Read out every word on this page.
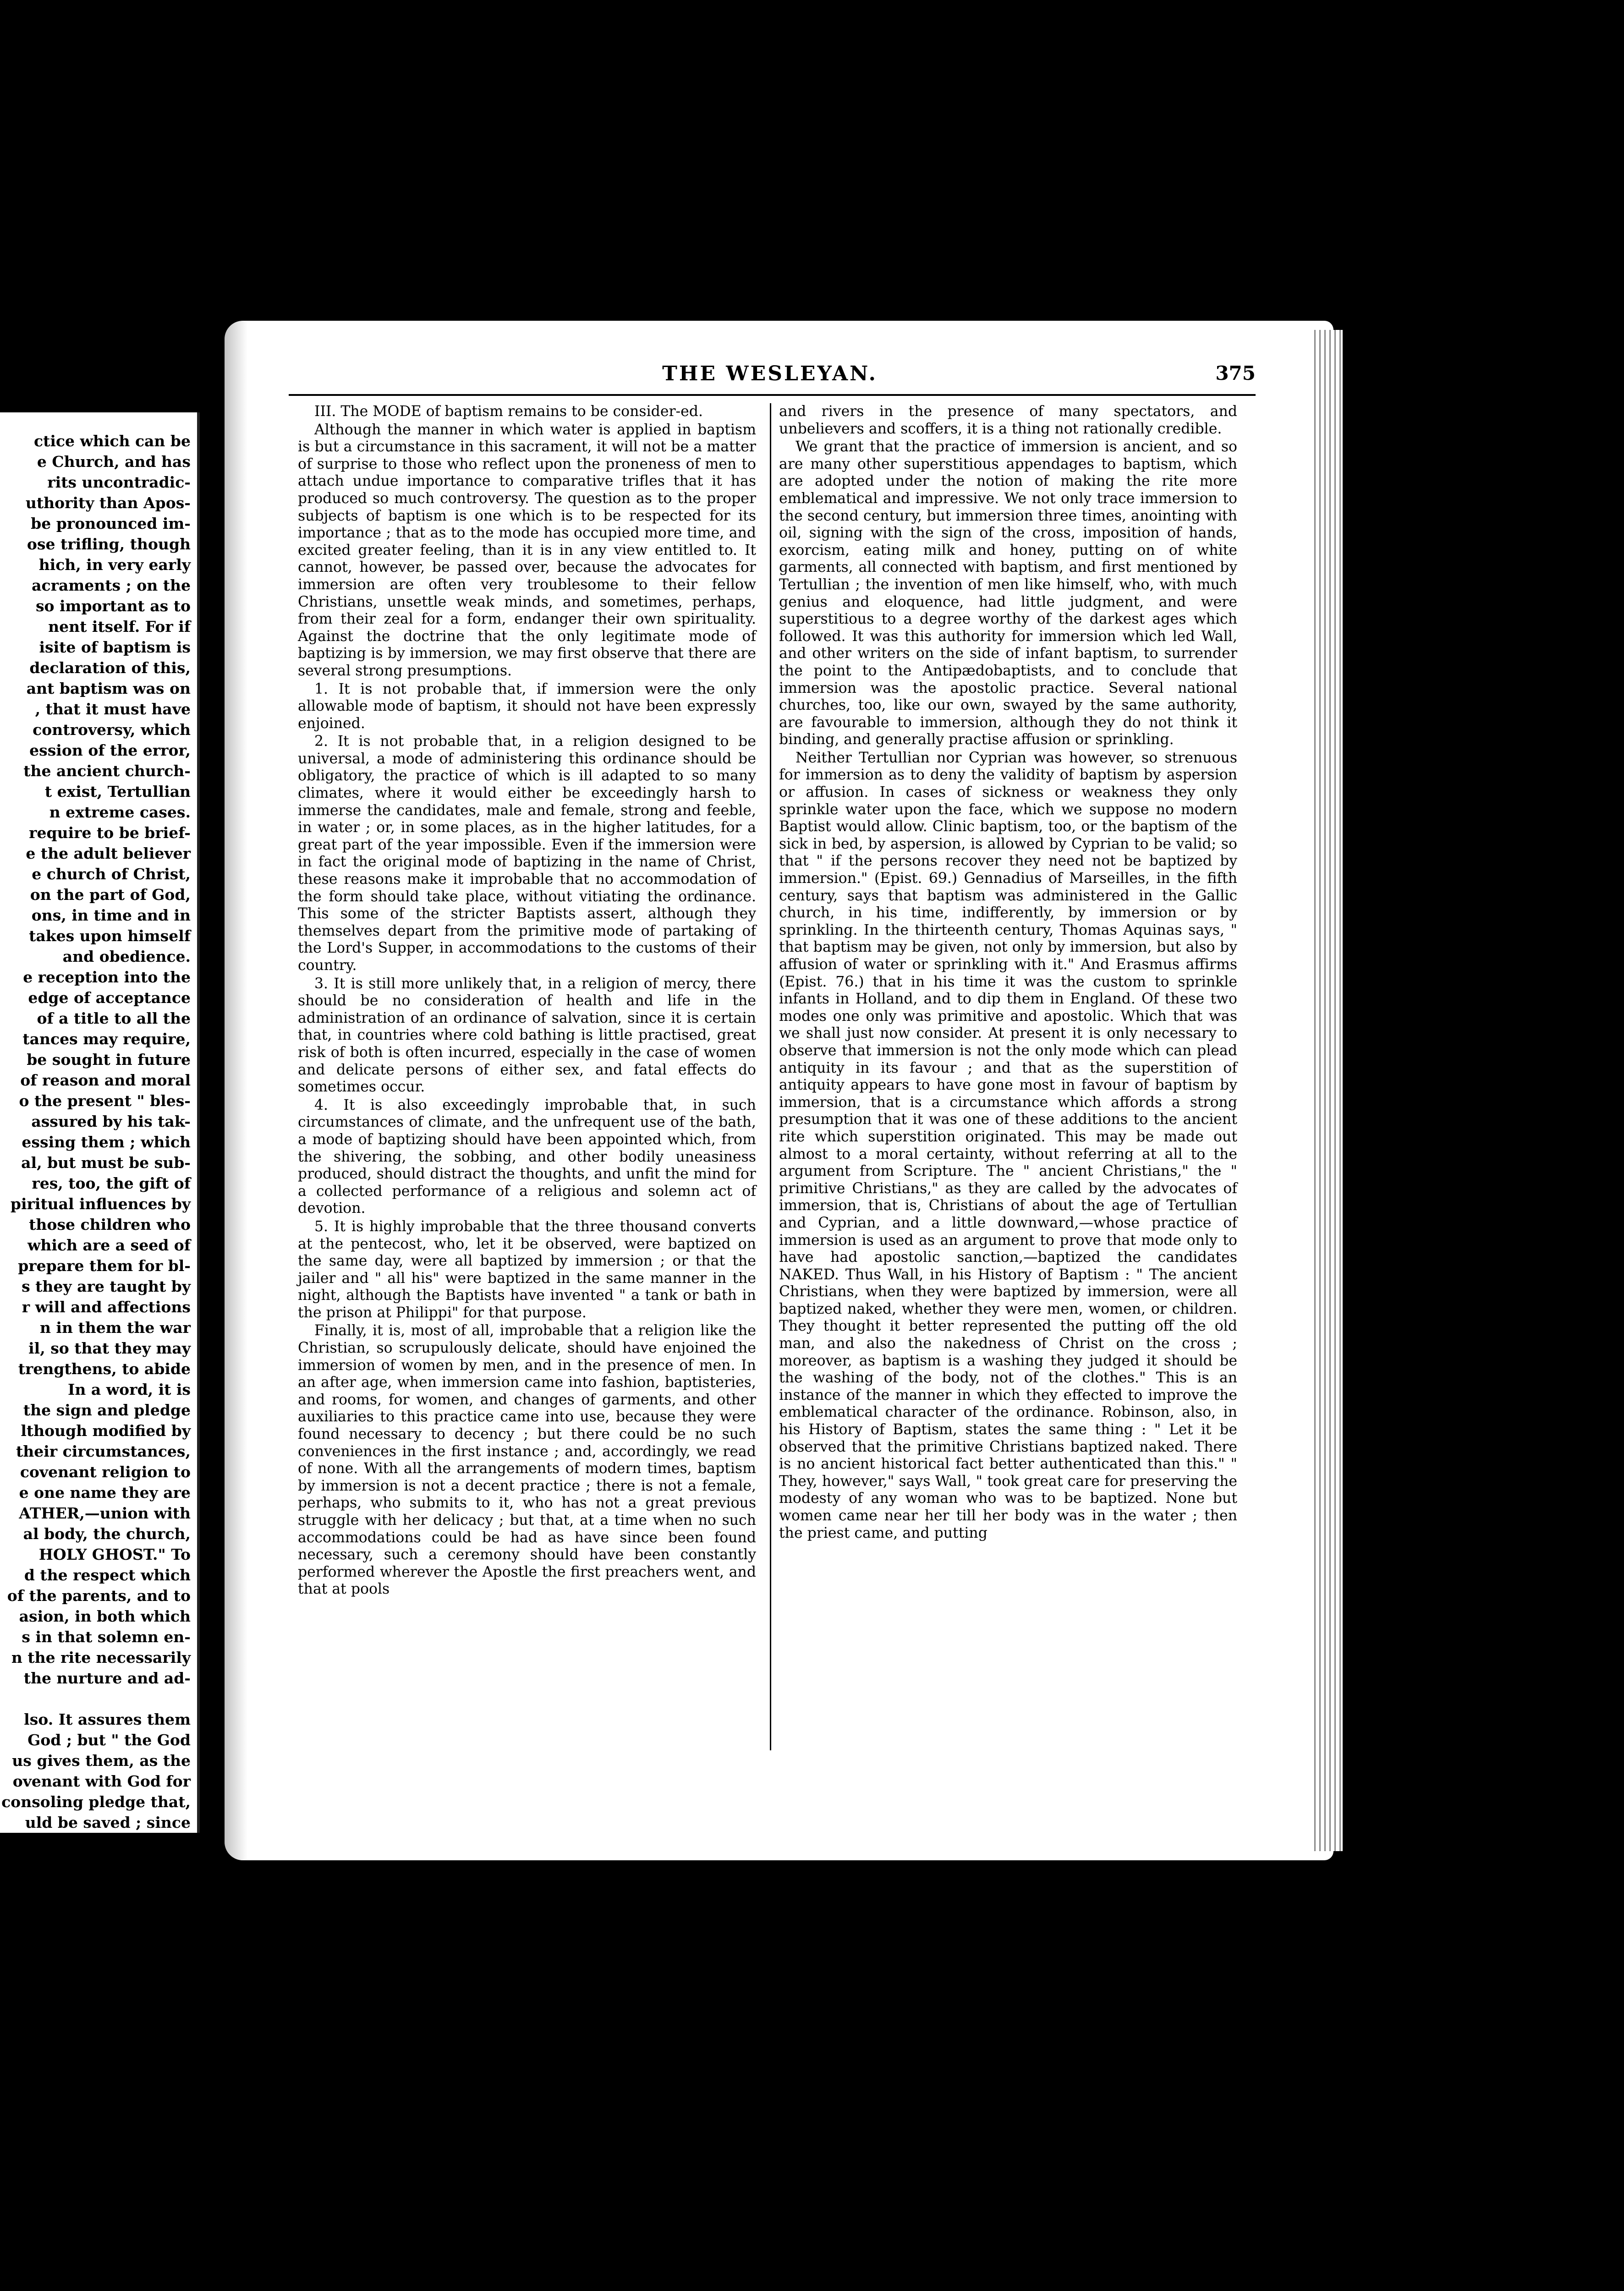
ctice which can be
e Church, and has
rits uncontradic-
uthority than Apos-
be pronounced im-
ose trifling, though
hich, in very early
acraments ; on the
so important as to
nent itself. For if
isite of baptism is
declaration of this,
ant baptism was on
, that it must have
controversy, which
ession of the error,
the ancient church-
t exist, Tertullian
n extreme cases.
require to be brief-
e the adult believer
e church of Christ,
on the part of God,
ons, in time and in
takes upon himself
and obedience.
e reception into the
edge of acceptance
of a title to all the
tances may require,
be sought in future
of reason and moral
o the present " bles-
assured by his tak-
essing them ; which
al, but must be sub-
res, too, the gift of
piritual influences by
those children who
which are a seed of
prepare them for bl-
s they are taught by
r will and affections
n in them the war
il, so that they may
trengthens, to abide
In a word, it is
the sign and pledge
lthough modified by
their circumstances,
covenant religion to
e one name they are
ATHER,—union with
al body, the church,
HOLY GHOST." To
d the respect which
of the parents, and to
asion, in both which
s in that solemn en-
n the rite necessarily
the nurture and ad-

lso. It assures them
God ; but " the God
us gives them, as the
ovenant with God for
consoling pledge that,
uld be saved ; since
hildren to come unto
the kingdom of hea-
also of the necessity
God's covenant, that
o their children ; and
with God for their
y to enforce the cove-
ey come to years—by
; by prayer, as well as
f Christ.
THE WESLEYAN.	375

III. The MODE of baptism remains to be consider-ed.

Although the manner in which water is applied in baptism is but a circumstance in this sacrament, it will not be a matter of surprise to those who reflect upon the proneness of men to attach undue importance to comparative trifles that it has produced so much controversy. The question as to the proper subjects of baptism is one which is to be respected for its importance ; that as to the mode has occupied more time, and excited greater feeling, than it is in any view entitled to. It cannot, however, be passed over, because the advocates for immersion are often very troublesome to their fellow Christians, unsettle weak minds, and sometimes, perhaps, from their zeal for a form, endanger their own spirituality. Against the doctrine that the only legitimate mode of baptizing is by immersion, we may first observe that there are several strong presumptions.

1. It is not probable that, if immersion were the only allowable mode of baptism, it should not have been expressly enjoined.

2. It is not probable that, in a religion designed to be universal, a mode of administering this ordinance should be obligatory, the practice of which is ill adapted to so many climates, where it would either be exceedingly harsh to immerse the candidates, male and female, strong and feeble, in water ; or, in some places, as in the higher latitudes, for a great part of the year impossible. Even if the immersion were in fact the original mode of baptizing in the name of Christ, these reasons make it improbable that no accommodation of the form should take place, without vitiating the ordinance. This some of the stricter Baptists assert, although they themselves depart from the primitive mode of partaking of the Lord's Supper, in accommodations to the customs of their country.

3. It is still more unlikely that, in a religion of mercy, there should be no consideration of health and life in the administration of an ordinance of salvation, since it is certain that, in countries where cold bathing is little practised, great risk of both is often incurred, especially in the case of women and delicate persons of either sex, and fatal effects do sometimes occur.

4. It is also exceedingly improbable that, in such circumstances of climate, and the unfrequent use of the bath, a mode of baptizing should have been appointed which, from the shivering, the sobbing, and other bodily uneasiness produced, should distract the thoughts, and unfit the mind for a collected performance of a religious and solemn act of devotion.

5. It is highly improbable that the three thousand converts at the pentecost, who, let it be observed, were baptized on the same day, were all baptized by immersion ; or that the jailer and " all his" were baptized in the same manner in the night, although the Baptists have invented " a tank or bath in the prison at Philippi" for that purpose.

Finally, it is, most of all, improbable that a religion like the Christian, so scrupulously delicate, should have enjoined the immersion of women by men, and in the presence of men. In an after age, when immersion came into fashion, baptisteries, and rooms, for women, and changes of garments, and other auxiliaries to this practice came into use, because they were found necessary to decency ; but there could be no such conveniences in the first instance ; and, accordingly, we read of none. With all the arrangements of modern times, baptism by immersion is not a decent practice ; there is not a female, perhaps, who submits to it, who has not a great previous struggle with her delicacy ; but that, at a time when no such accommodations could be had as have since been found necessary, such a ceremony should have been constantly performed wherever the Apostle the first preachers went, and that at pools

and rivers in the presence of many spectators, and unbelievers and scoffers, it is a thing not rationally credible.

We grant that the practice of immersion is ancient, and so are many other superstitious appendages to baptism, which are adopted under the notion of making the rite more emblematical and impressive. We not only trace immersion to the second century, but immersion three times, anointing with oil, signing with the sign of the cross, imposition of hands, exorcism, eating milk and honey, putting on of white garments, all connected with baptism, and first mentioned by Tertullian ; the invention of men like himself, who, with much genius and eloquence, had little judgment, and were superstitious to a degree worthy of the darkest ages which followed. It was this authority for immersion which led Wall, and other writers on the side of infant baptism, to surrender the point to the Antipædobaptists, and to conclude that immersion was the apostolic practice. Several national churches, too, like our own, swayed by the same authority, are favourable to immersion, although they do not think it binding, and generally practise affusion or sprinkling.

Neither Tertullian nor Cyprian was however, so strenuous for immersion as to deny the validity of baptism by aspersion or affusion. In cases of sickness or weakness they only sprinkle water upon the face, which we suppose no modern Baptist would allow. Clinic baptism, too, or the baptism of the sick in bed, by aspersion, is allowed by Cyprian to be valid; so that " if the persons recover they need not be baptized by immersion." (Epist. 69.) Gennadius of Marseilles, in the fifth century, says that baptism was administered in the Gallic church, in his time, indifferently, by immersion or by sprinkling. In the thirteenth century, Thomas Aquinas says, " that baptism may be given, not only by immersion, but also by affusion of water or sprinkling with it." And Erasmus affirms (Epist. 76.) that in his time it was the custom to sprinkle infants in Holland, and to dip them in England. Of these two modes one only was primitive and apostolic. Which that was we shall just now consider. At present it is only necessary to observe that immersion is not the only mode which can plead antiquity in its favour ; and that as the superstition of antiquity appears to have gone most in favour of baptism by immersion, that is a circumstance which affords a strong presumption that it was one of these additions to the ancient rite which superstition originated. This may be made out almost to a moral certainty, without referring at all to the argument from Scripture. The " ancient Christians," the " primitive Christians," as they are called by the advocates of immersion, that is, Christians of about the age of Tertullian and Cyprian, and a little downward,—whose practice of immersion is used as an argument to prove that mode only to have had apostolic sanction,—baptized the candidates NAKED. Thus Wall, in his History of Baptism : " The ancient Christians, when they were baptized by immersion, were all baptized naked, whether they were men, women, or children. They thought it better represented the putting off the old man, and also the nakedness of Christ on the cross ; moreover, as baptism is a washing they judged it should be the washing of the body, not of the clothes." This is an instance of the manner in which they effected to improve the emblematical character of the ordinance. Robinson, also, in his History of Baptism, states the same thing : " Let it be observed that the primitive Christians baptized naked. There is no ancient historical fact better authenticated than this." " They, however," says Wall, " took great care for preserving the modesty of any woman who was to be baptized. None but women came near her till her body was in the water ; then the priest came, and putting
